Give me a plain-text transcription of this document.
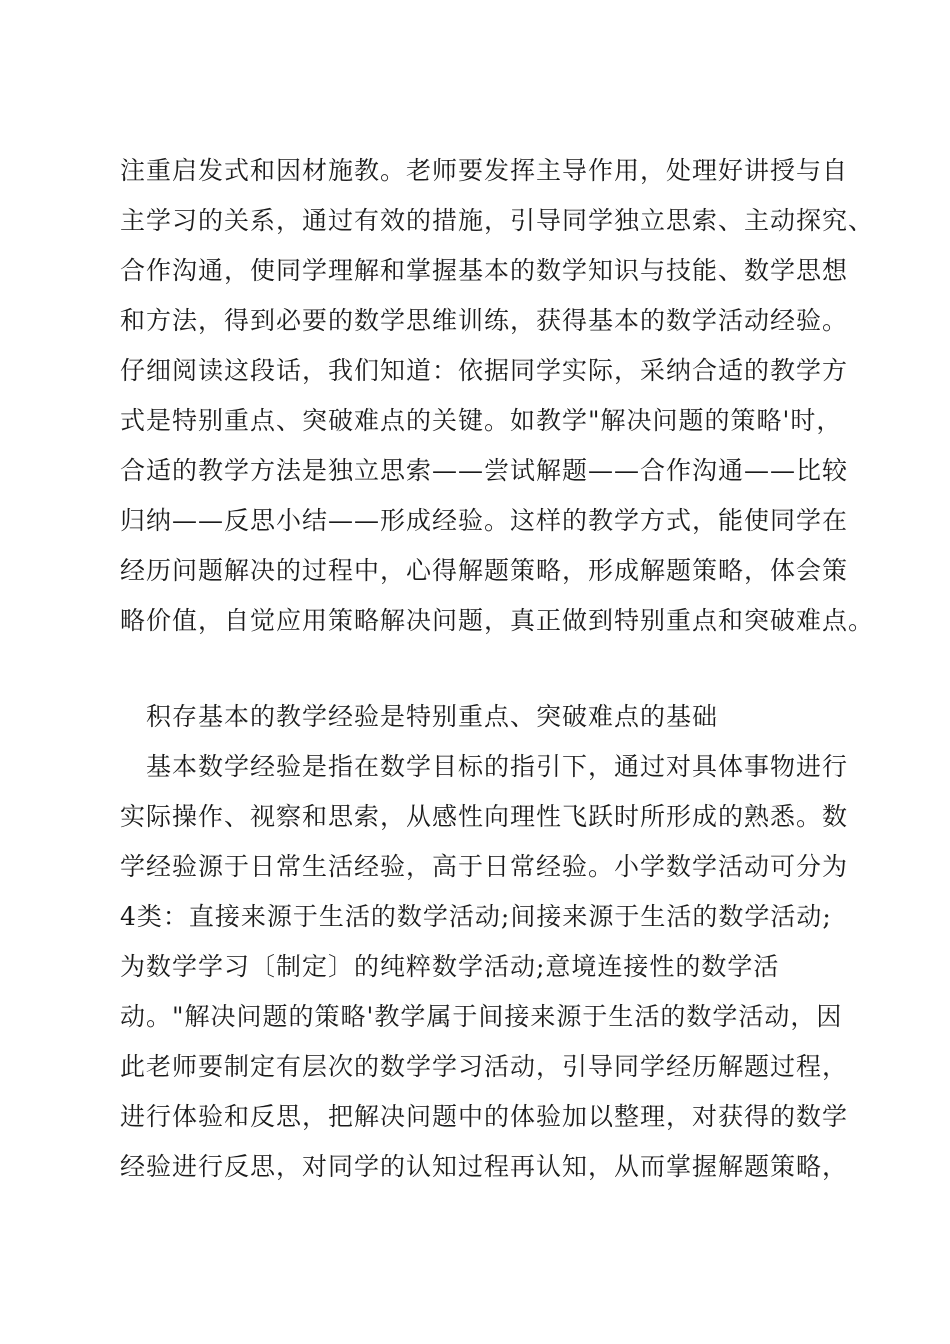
注重启发式和因材施教。老师要发挥主导作用，处理好讲授与自
主学习的关系，通过有效的措施，引导同学独立思索、主动探究、
合作沟通，使同学理解和掌握基本的数学知识与技能、数学思想
和方法，得到必要的数学思维训练，获得基本的数学活动经验。
仔细阅读这段话，我们知道：依据同学实际，采纳合适的教学方
式是特别重点、突破难点的关键。如教学"解决问题的策略'时，
合适的教学方法是独立思索——尝试解题——合作沟通——比较
归纳——反思小结——形成经验。这样的教学方式，能使同学在
经历问题解决的过程中，心得解题策略，形成解题策略，体会策
略价值，自觉应用策略解决问题，真正做到特别重点和突破难点。
　积存基本的教学经验是特别重点、突破难点的基础
　基本数学经验是指在数学目标的指引下，通过对具体事物进行
实际操作、视察和思索，从感性向理性飞跃时所形成的熟悉。数
学经验源于日常生活经验，高于日常经验。小学数学活动可分为
4类：直接来源于生活的数学活动;间接来源于生活的数学活动;
为数学学习〔制定〕的纯粹数学活动;意境连接性的数学活
动。"解决问题的策略'教学属于间接来源于生活的数学活动，因
此老师要制定有层次的数学学习活动，引导同学经历解题过程，
进行体验和反思，把解决问题中的体验加以整理，对获得的数学
经验进行反思，对同学的认知过程再认知，从而掌握解题策略，
